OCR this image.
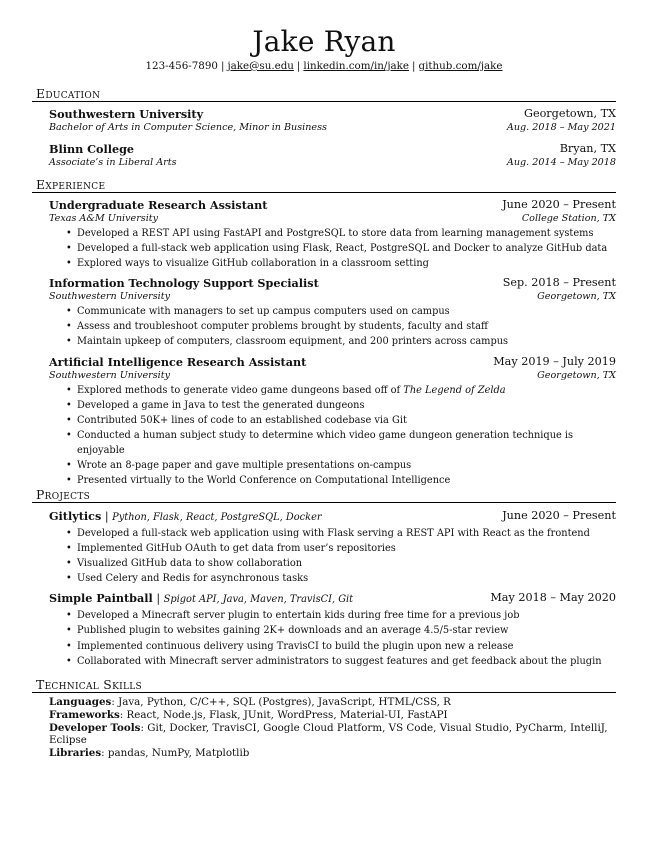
Jake Ryan
123-456-7890 | jake@su.edu | linkedin.com/in/jake | github.com/jake
Education
Southwestern University	Georgetown, TX
Bachelor of Arts in Computer Science, Minor in Business	Aug. 2018 – May 2021
Blinn College	Bryan, TX
Associate’s in Liberal Arts	Aug. 2014 – May 2018
Experience
Undergraduate Research Assistant	June 2020 – Present
Texas A&M University	College Station, TX
• Developed a REST API using FastAPI and PostgreSQL to store data from learning management systems
• Developed a full-stack web application using Flask, React, PostgreSQL and Docker to analyze GitHub data
• Explored ways to visualize GitHub collaboration in a classroom setting
Information Technology Support Specialist	Sep. 2018 – Present
Southwestern University	Georgetown, TX
• Communicate with managers to set up campus computers used on campus
• Assess and troubleshoot computer problems brought by students, faculty and staff
• Maintain upkeep of computers, classroom equipment, and 200 printers across campus
Artificial Intelligence Research Assistant	May 2019 – July 2019
Southwestern University	Georgetown, TX
• Explored methods to generate video game dungeons based off of The Legend of Zelda
• Developed a game in Java to test the generated dungeons
• Contributed 50K+ lines of code to an established codebase via Git
• Conducted a human subject study to determine which video game dungeon generation technique is enjoyable
• Wrote an 8-page paper and gave multiple presentations on-campus
• Presented virtually to the World Conference on Computational Intelligence
Projects
Gitlytics | Python, Flask, React, PostgreSQL, Docker	June 2020 – Present
• Developed a full-stack web application using with Flask serving a REST API with React as the frontend
• Implemented GitHub OAuth to get data from user’s repositories
• Visualized GitHub data to show collaboration
• Used Celery and Redis for asynchronous tasks
Simple Paintball | Spigot API, Java, Maven, TravisCI, Git	May 2018 – May 2020
• Developed a Minecraft server plugin to entertain kids during free time for a previous job
• Published plugin to websites gaining 2K+ downloads and an average 4.5/5-star review
• Implemented continuous delivery using TravisCI to build the plugin upon new a release
• Collaborated with Minecraft server administrators to suggest features and get feedback about the plugin
Technical Skills
Languages: Java, Python, C/C++, SQL (Postgres), JavaScript, HTML/CSS, R
Frameworks: React, Node.js, Flask, JUnit, WordPress, Material-UI, FastAPI
Developer Tools: Git, Docker, TravisCI, Google Cloud Platform, VS Code, Visual Studio, PyCharm, IntelliJ, Eclipse
Libraries: pandas, NumPy, Matplotlib
